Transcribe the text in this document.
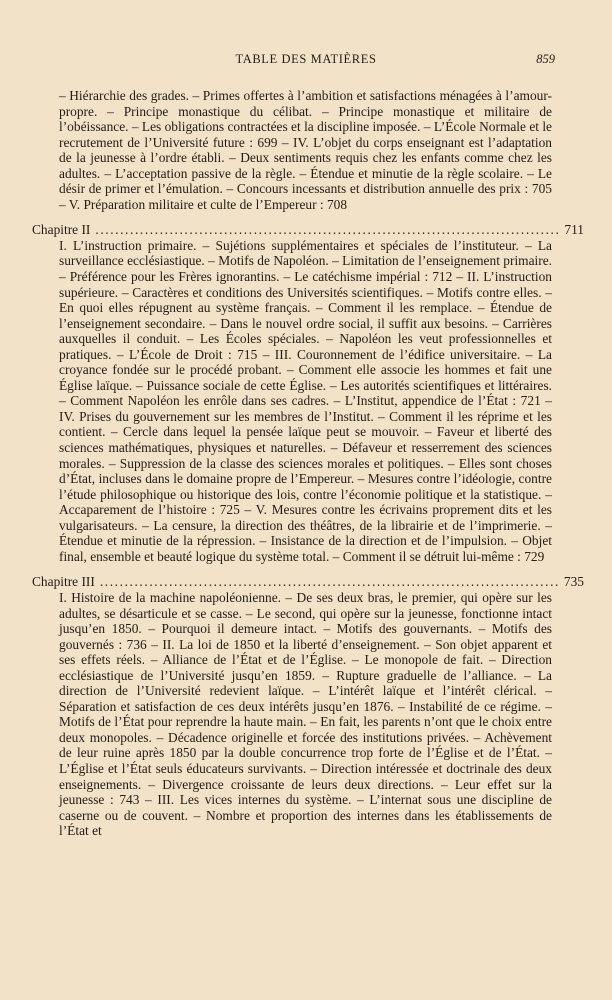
TABLE DES MATIÈRES	859

– Hiérarchie des grades. – Primes offertes à l’ambition et satisfactions ménagées à l’amour-propre. – Principe monastique du célibat. – Principe monastique et militaire de l’obéissance. – Les obligations contractées et la discipline imposée. – L’École Normale et le recrutement de l’Université future : 699 – IV. L’objet du corps enseignant est l’adaptation de la jeunesse à l’ordre établi. – Deux sentiments requis chez les enfants comme chez les adultes. – L’acceptation passive de la règle. – Étendue et minutie de la règle scolaire. – Le désir de primer et l’émulation. – Concours incessants et distribution annuelle des prix : 705 – V. Préparation militaire et culte de l’Empereur : 708

Chapitre II .....	711

I. L’instruction primaire. – Sujétions supplémentaires et spéciales de l’instituteur. – La surveillance ecclésiastique. – Motifs de Napoléon. – Limitation de l’enseignement primaire. – Préférence pour les Frères ignorantins. – Le catéchisme impérial : 712 – II. L’instruction supérieure. – Caractères et conditions des Universités scientifiques. – Motifs contre elles. – En quoi elles répugnent au système français. – Comment il les remplace. – Étendue de l’enseignement secondaire. – Dans le nouvel ordre social, il suffit aux besoins. – Carrières auxquelles il conduit. – Les Écoles spéciales. – Napoléon les veut professionnelles et pratiques. – L’École de Droit : 715 – III. Couronnement de l’édifice universitaire. – La croyance fondée sur le procédé probant. – Comment elle associe les hommes et fait une Église laïque. – Puissance sociale de cette Église. – Les autorités scientifiques et littéraires. – Comment Napoléon les enrôle dans ses cadres. – L’Institut, appendice de l’État : 721 – IV. Prises du gouvernement sur les membres de l’Institut. – Comment il les réprime et les contient. – Cercle dans lequel la pensée laïque peut se mouvoir. – Faveur et liberté des sciences mathématiques, physiques et naturelles. – Défaveur et resserrement des sciences morales. – Suppression de la classe des sciences morales et politiques. – Elles sont choses d’État, incluses dans le domaine propre de l’Empereur. – Mesures contre l’idéologie, contre l’étude philosophique ou historique des lois, contre l’économie politique et la statistique. – Accaparement de l’histoire : 725 – V. Mesures contre les écrivains proprement dits et les vulgarisateurs. – La censure, la direction des théâtres, de la librairie et de l’imprimerie. – Étendue et minutie de la répression. – Insistance de la direction et de l’impulsion. – Objet final, ensemble et beauté logique du système total. – Comment il se détruit lui-même : 729

Chapitre III .....	735

I. Histoire de la machine napoléonienne. – De ses deux bras, le premier, qui opère sur les adultes, se désarticule et se casse. – Le second, qui opère sur la jeunesse, fonctionne intact jusqu’en 1850. – Pourquoi il demeure intact. – Motifs des gouvernants. – Motifs des gouvernés : 736 – II. La loi de 1850 et la liberté d’enseignement. – Son objet apparent et ses effets réels. – Alliance de l’État et de l’Église. – Le monopole de fait. – Direction ecclésiastique de l’Université jusqu’en 1859. – Rupture graduelle de l’alliance. – La direction de l’Université redevient laïque. – L’intérêt laïque et l’intérêt clérical. – Séparation et satisfaction de ces deux intérêts jusqu’en 1876. – Instabilité de ce régime. – Motifs de l’État pour reprendre la haute main. – En fait, les parents n’ont que le choix entre deux monopoles. – Décadence originelle et forcée des institutions privées. – Achèvement de leur ruine après 1850 par la double concurrence trop forte de l’Église et de l’État. – L’Église et l’État seuls éducateurs survivants. – Direction intéressée et doctrinale des deux enseignements. – Divergence croissante de leurs deux directions. – Leur effet sur la jeunesse : 743 – III. Les vices internes du système. – L’internat sous une discipline de caserne ou de couvent. – Nombre et proportion des internes dans les établissements de l’État et
